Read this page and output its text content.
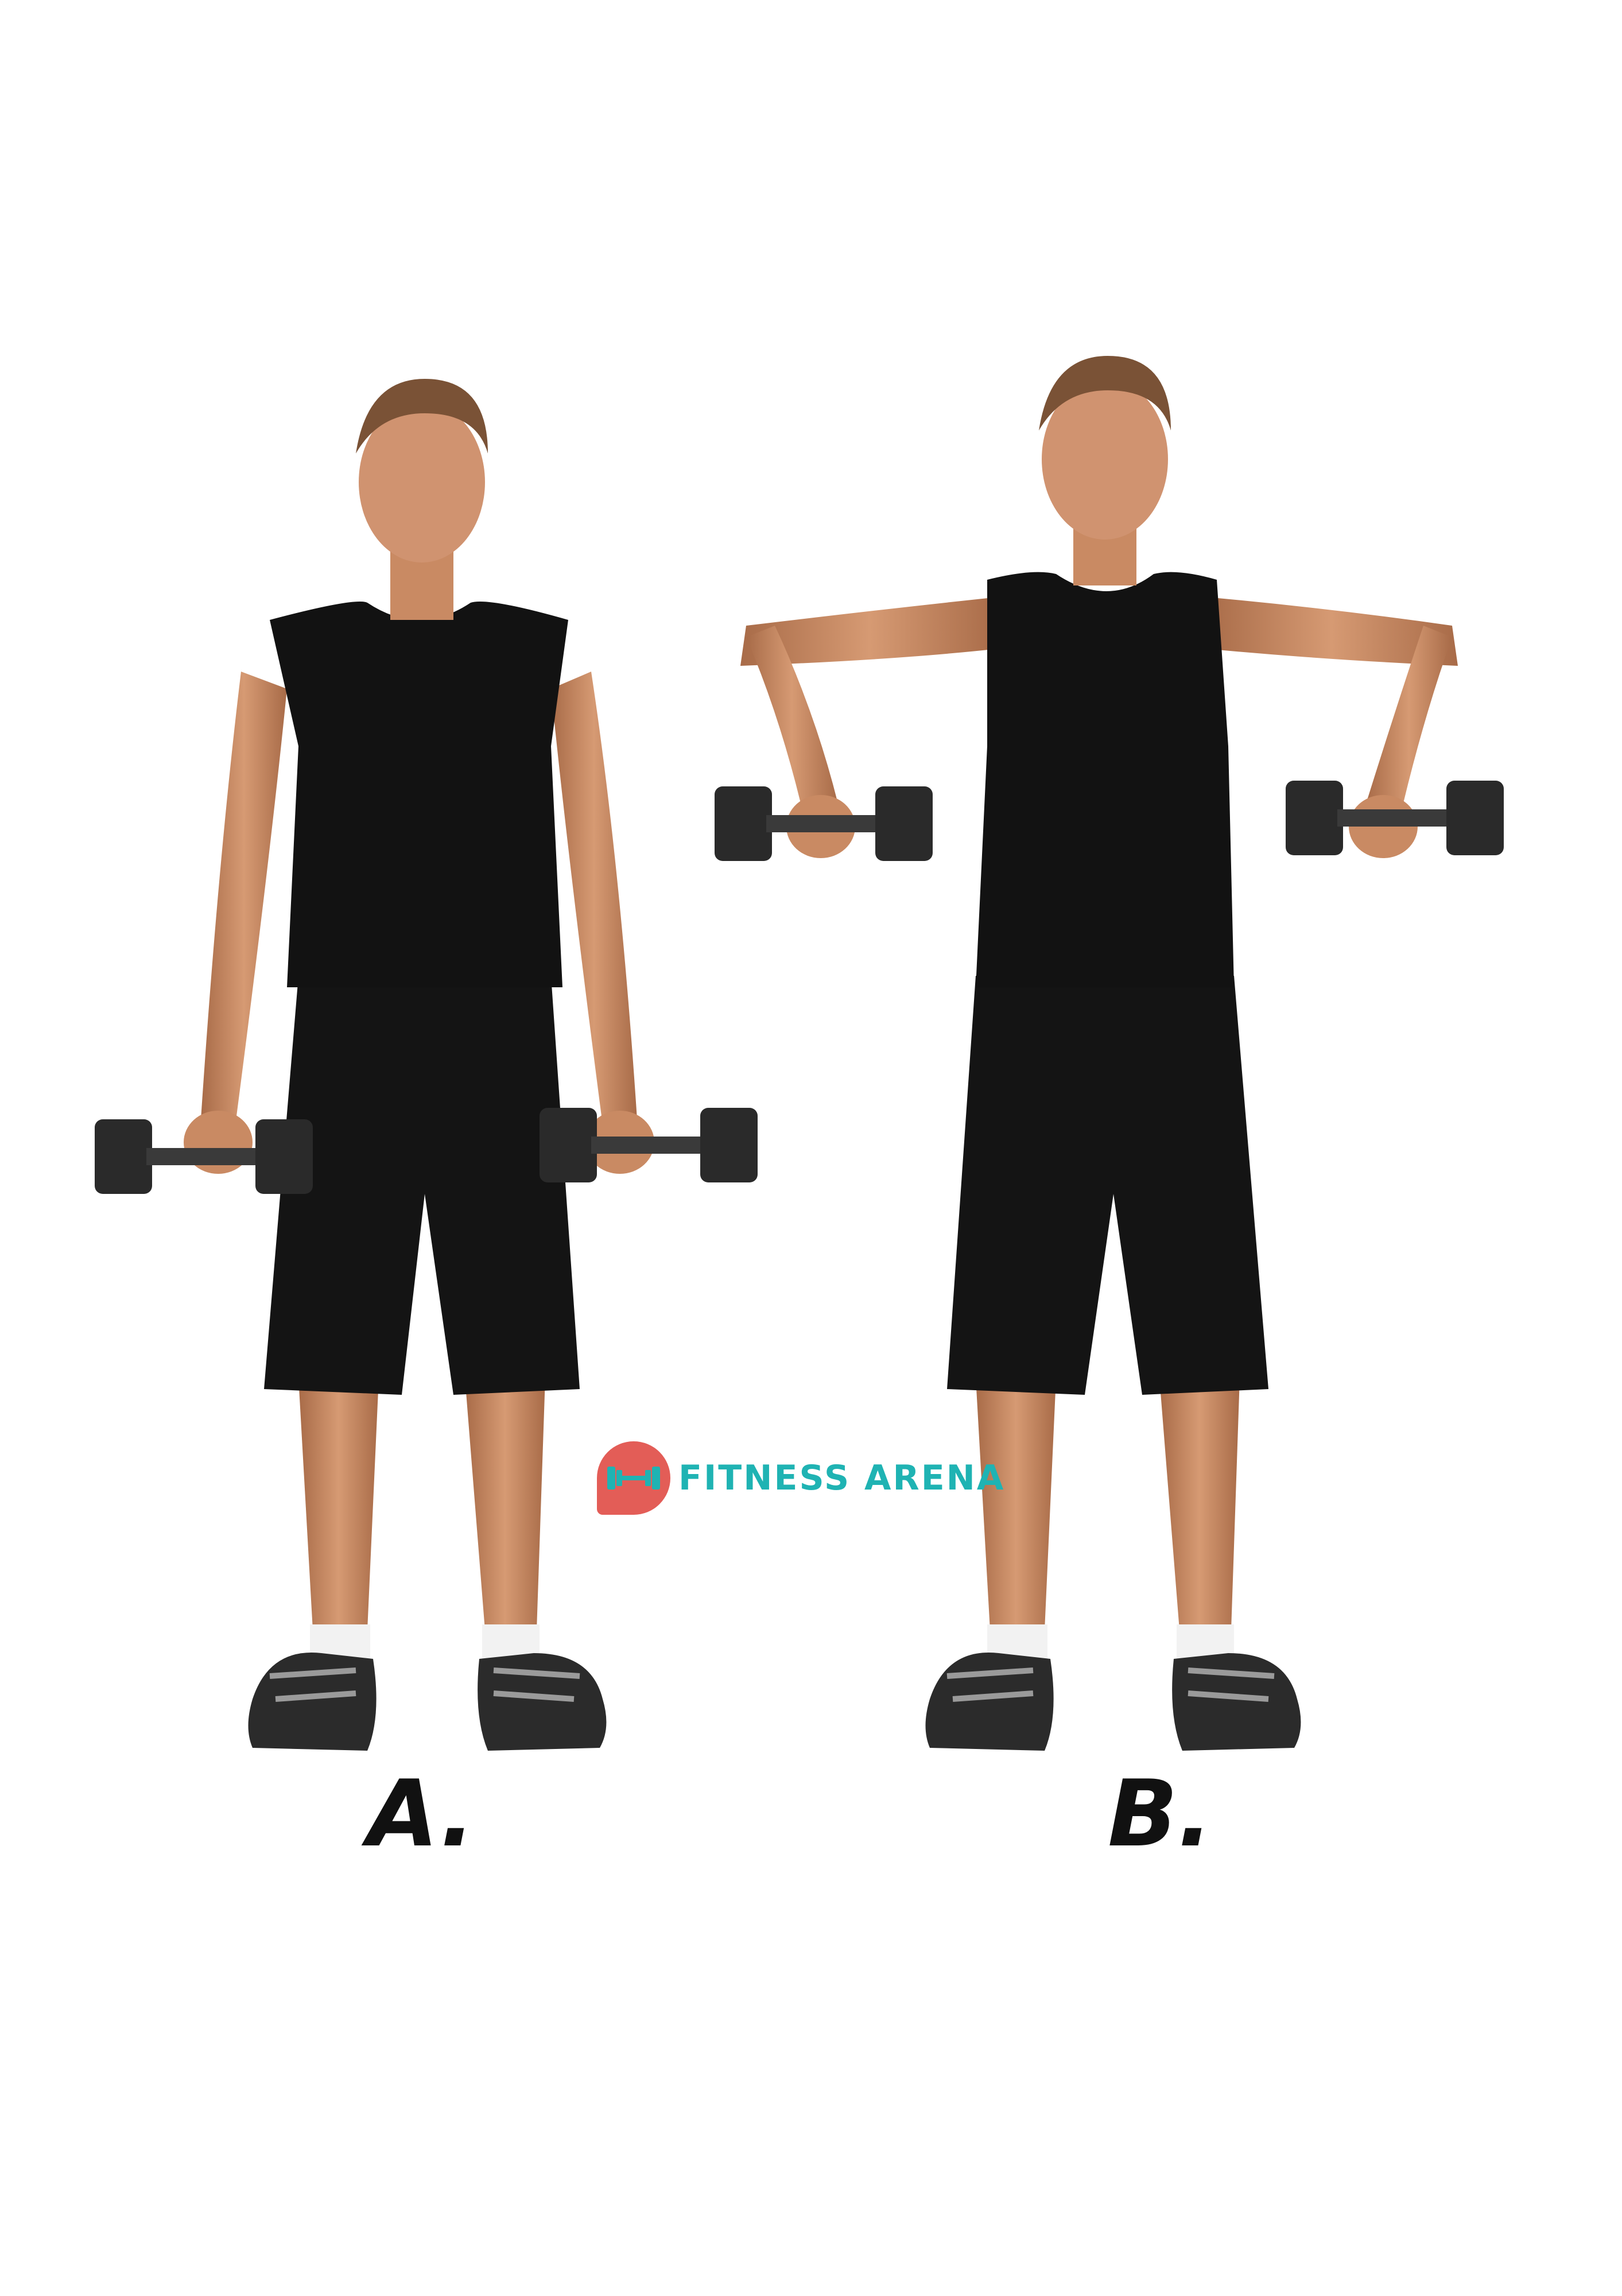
FITNESS ARENA
A.	B.
